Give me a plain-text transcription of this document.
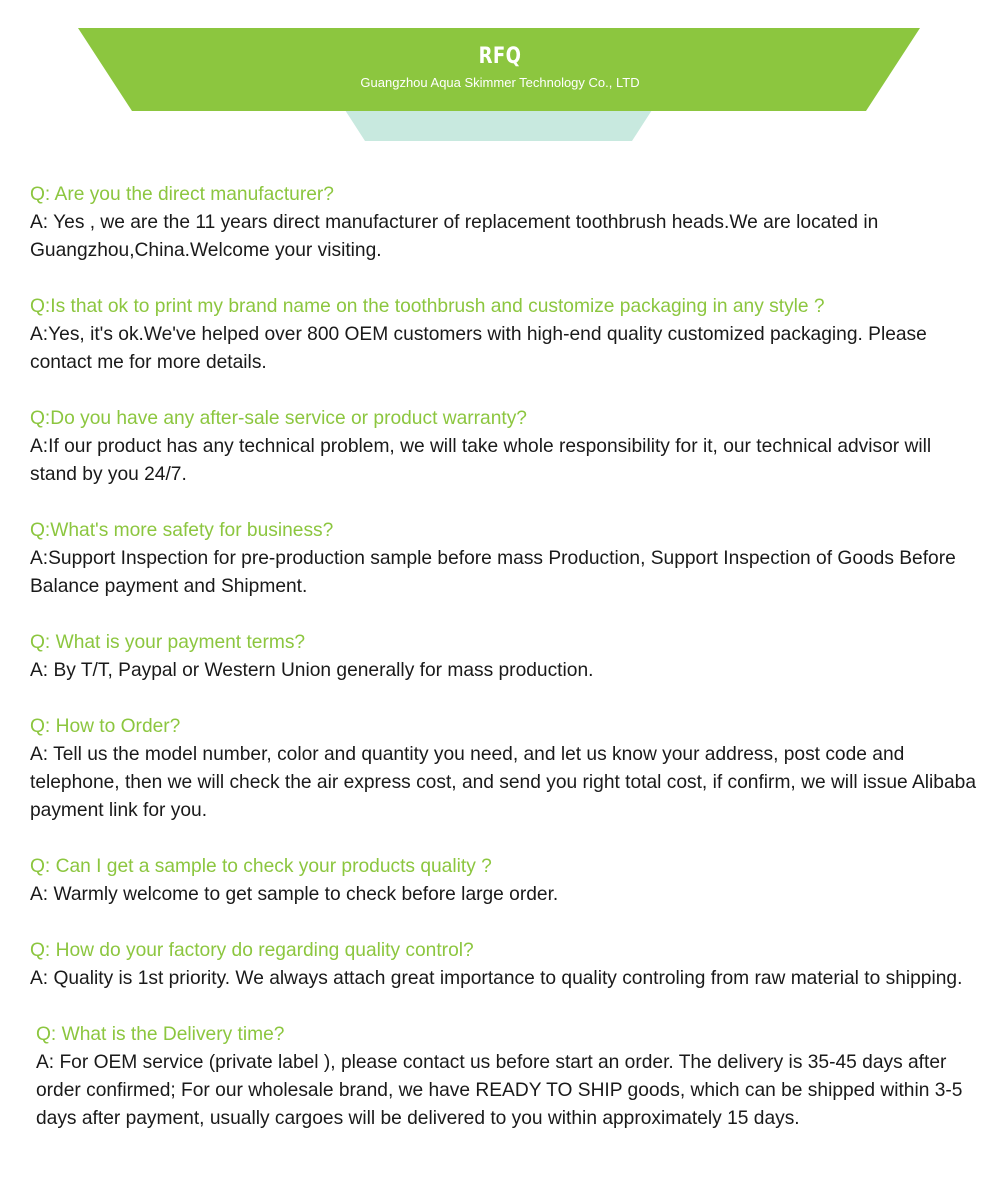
RFQ
Guangzhou Aqua Skimmer Technology Co., LTD

Q: Are you the direct manufacturer?

A: Yes , we are the 11 years direct manufacturer of replacement toothbrush heads.We are located in Guangzhou,China.Welcome your visiting.

Q:Is that ok to print my brand name on the toothbrush and customize packaging in any style ?

A:Yes, it's ok.We've helped over 800 OEM customers with high-end quality customized packaging. Please contact me for more details.

Q:Do you have any after-sale service or product warranty?

A:If our product has any technical problem, we will take whole responsibility for it, our technical advisor will stand by you 24/7.

Q:What's more safety for business?

A:Support Inspection for pre-production sample before mass Production, Support Inspection of Goods Before Balance payment and Shipment.

Q: What is your payment terms?

A: By T/T, Paypal or Western Union generally for mass production.

Q: How to Order?

A: Tell us the model number, color and quantity you need, and let us know your address, post code and telephone, then we will check the air express cost, and send you right total cost, if confirm, we will issue Alibaba payment link for you.

Q: Can I get a sample to check your products quality ?

A: Warmly welcome to get sample to check before large order.

Q: How do your factory do regarding quality control?

A: Quality is 1st priority. We always attach great importance to quality controling from raw material to shipping.

Q: What is the Delivery time?

A: For OEM service (private label ), please contact us before start an order. The delivery is 35-45 days after order confirmed; For our wholesale brand, we have READY TO SHIP goods, which can be shipped within 3-5 days after payment, usually cargoes will be delivered to you within approximately 15 days.
